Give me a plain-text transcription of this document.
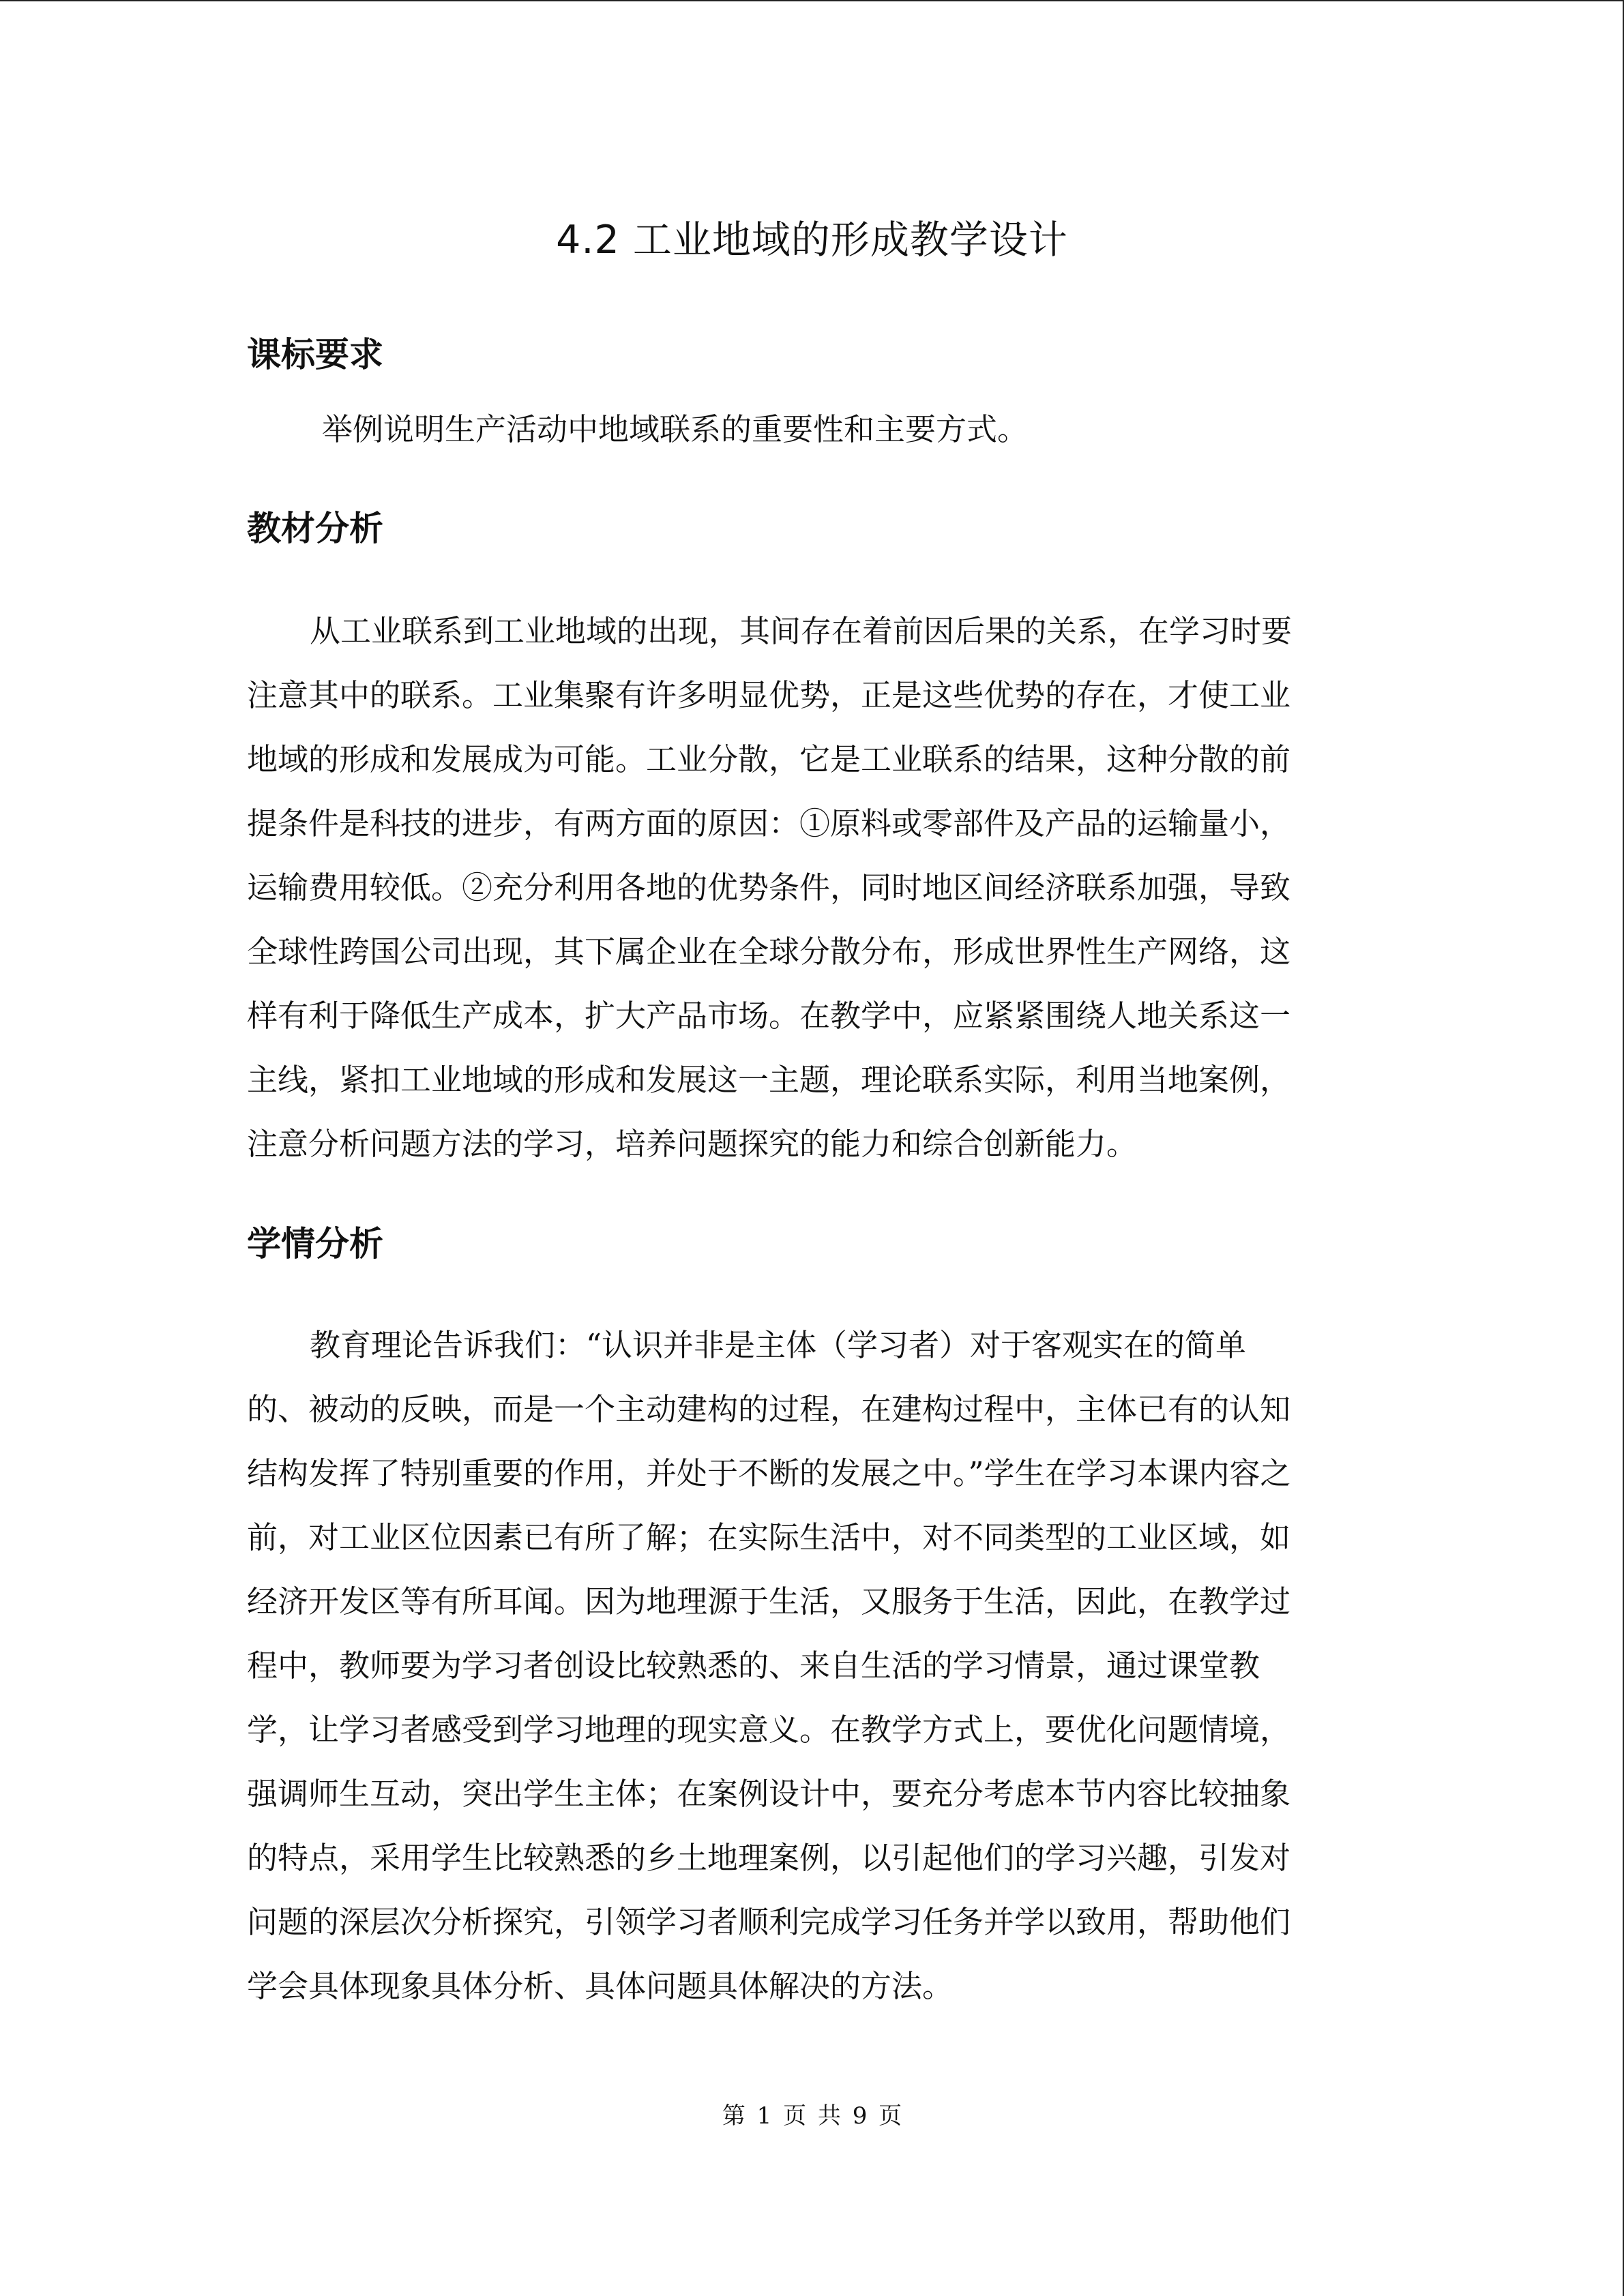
4.2 工业地域的形成教学设计
课标要求

举例说明生产活动中地域联系的重要性和主要方式。

教材分析
从工业联系到工业地域的出现，其间存在着前因后果的关系，在学习时要
注意其中的联系。工业集聚有许多明显优势，正是这些优势的存在，才使工业
地域的形成和发展成为可能。工业分散，它是工业联系的结果，这种分散的前
提条件是科技的进步，有两方面的原因：①原料或零部件及产品的运输量小，
运输费用较低。②充分利用各地的优势条件，同时地区间经济联系加强，导致
全球性跨国公司出现，其下属企业在全球分散分布，形成世界性生产网络，这
样有利于降低生产成本，扩大产品市场。在教学中，应紧紧围绕人地关系这一
主线，紧扣工业地域的形成和发展这一主题，理论联系实际，利用当地案例，
注意分析问题方法的学习，培养问题探究的能力和综合创新能力。
学情分析
教育理论告诉我们：“认识并非是主体（学习者）对于客观实在的简单
的、被动的反映，而是一个主动建构的过程，在建构过程中，主体已有的认知
结构发挥了特别重要的作用，并处于不断的发展之中。”学生在学习本课内容之
前，对工业区位因素已有所了解；在实际生活中，对不同类型的工业区域，如
经济开发区等有所耳闻。因为地理源于生活，又服务于生活，因此，在教学过
程中，教师要为学习者创设比较熟悉的、来自生活的学习情景，通过课堂教
学，让学习者感受到学习地理的现实意义。在教学方式上，要优化问题情境，
强调师生互动，突出学生主体；在案例设计中，要充分考虑本节内容比较抽象
的特点，采用学生比较熟悉的乡土地理案例，以引起他们的学习兴趣，引发对
问题的深层次分析探究，引领学习者顺利完成学习任务并学以致用，帮助他们
学会具体现象具体分析、具体问题具体解决的方法。
第 1 页 共 9 页
